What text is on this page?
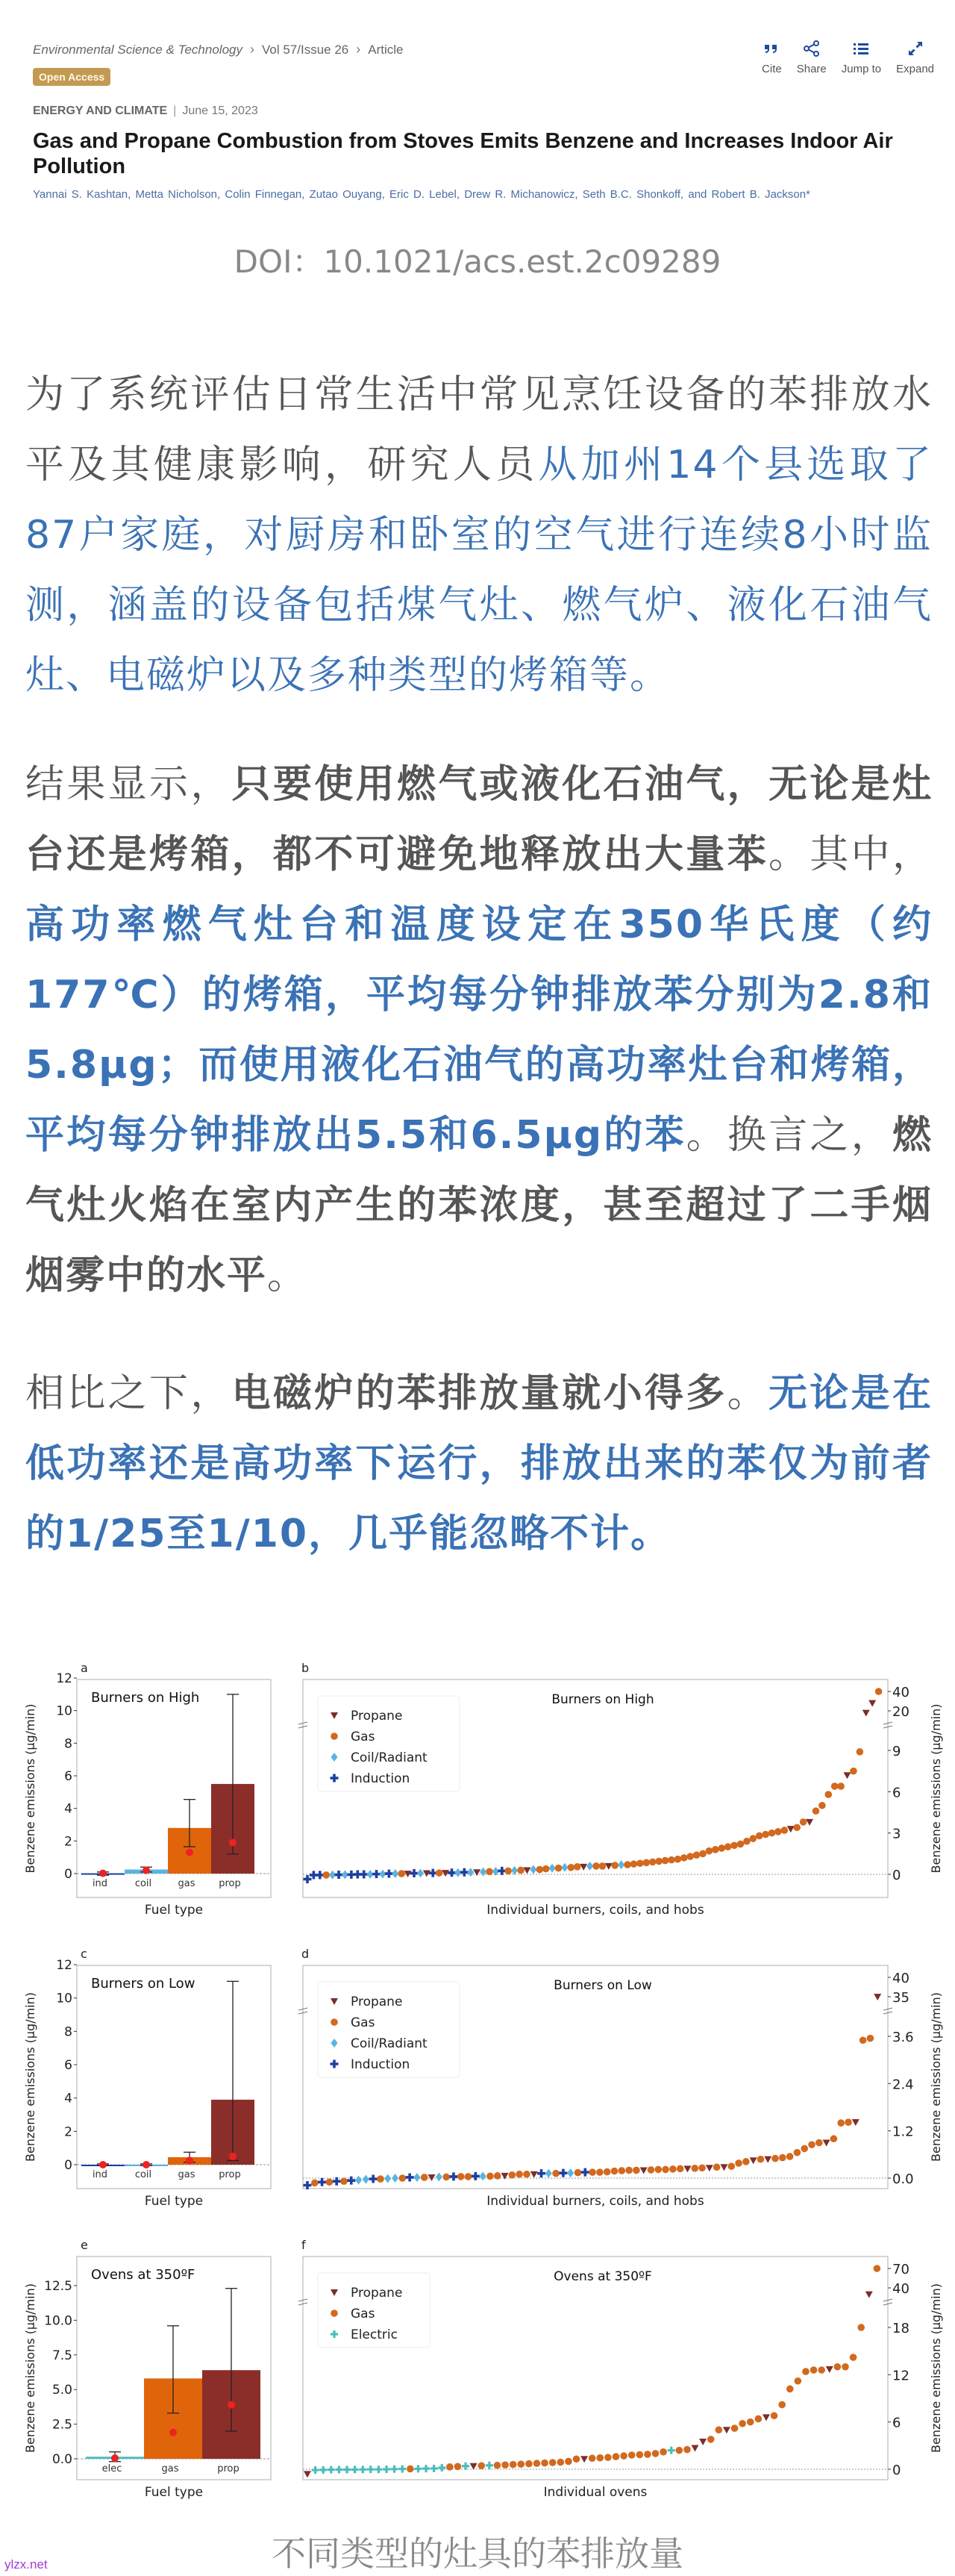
Environmental Science & Technology › Vol 57/Issue 26 › Article
Open Access
Cite Share Jump to Expand
ENERGY AND CLIMATE | June 15, 2023
Gas and Propane Combustion from Stoves Emits Benzene and Increases Indoor Air Pollution
Yannai S. Kashtan, Metta Nicholson, Colin Finnegan, Zutao Ouyang, Eric D. Lebel, Drew R. Michanowicz, Seth B.C. Shonkoff, and Robert B. Jackson*
DOI：10.1021/acs.est.2c09289

为了系统评估日常生活中常见烹饪设备的苯排放水平及其健康影响，研究人员从加州14个县选取了87户家庭，对厨房和卧室的空气进行连续8小时监测，涵盖的设备包括煤气灶、燃气炉、液化石油气灶、电磁炉以及多种类型的烤箱等。

结果显示，只要使用燃气或液化石油气，无论是灶台还是烤箱，都不可避免地释放出大量苯。其中，高功率燃气灶台和温度设定在350华氏度（约177℃）的烤箱，平均每分钟排放苯分别为2.8和5.8μg；而使用液化石油气的高功率灶台和烤箱，平均每分钟排放出5.5和6.5μg的苯。换言之，燃气灶火焰在室内产生的苯浓度，甚至超过了二手烟烟雾中的水平。

相比之下，电磁炉的苯排放量就小得多。无论是在低功率还是高功率下运行，排放出来的苯仅为前者的1/25至1/10，几乎能忽略不计。

a
0
2
4
6
8
10
12
Benzene emissions (μg/min)
Fuel type
Burners on High
ind	coil	gas prop
c
0
2
4
6
8
10
12
Benzene emissions (μg/min)
Fuel type
Burners on Low
ind	coil	gas prop
e
0.0
2.5
5.0
7.5
10.0
12.5
Benzene emissions (μg/min)
Fuel type
Ovens at 350ºF
elec	gas	prop
b
0
3
6
9
20
40
Benzene emissions (μg/min)
Individual burners, coils, and hobs
Burners on High
Propane
Gas
Coil/Radiant
Induction
d
0.0
1.2
2.4
3.6
35
40
Benzene emissions (μg/min)
Individual burners, coils, and hobs
Burners on Low
Propane
Gas
Coil/Radiant
Induction
f
0
6
12
18
40
70
Benzene emissions (μg/min)
Individual ovens
Ovens at 350ºF
Propane
Gas
Electric
不同类型的灶具的苯排放量
ylzx.net
